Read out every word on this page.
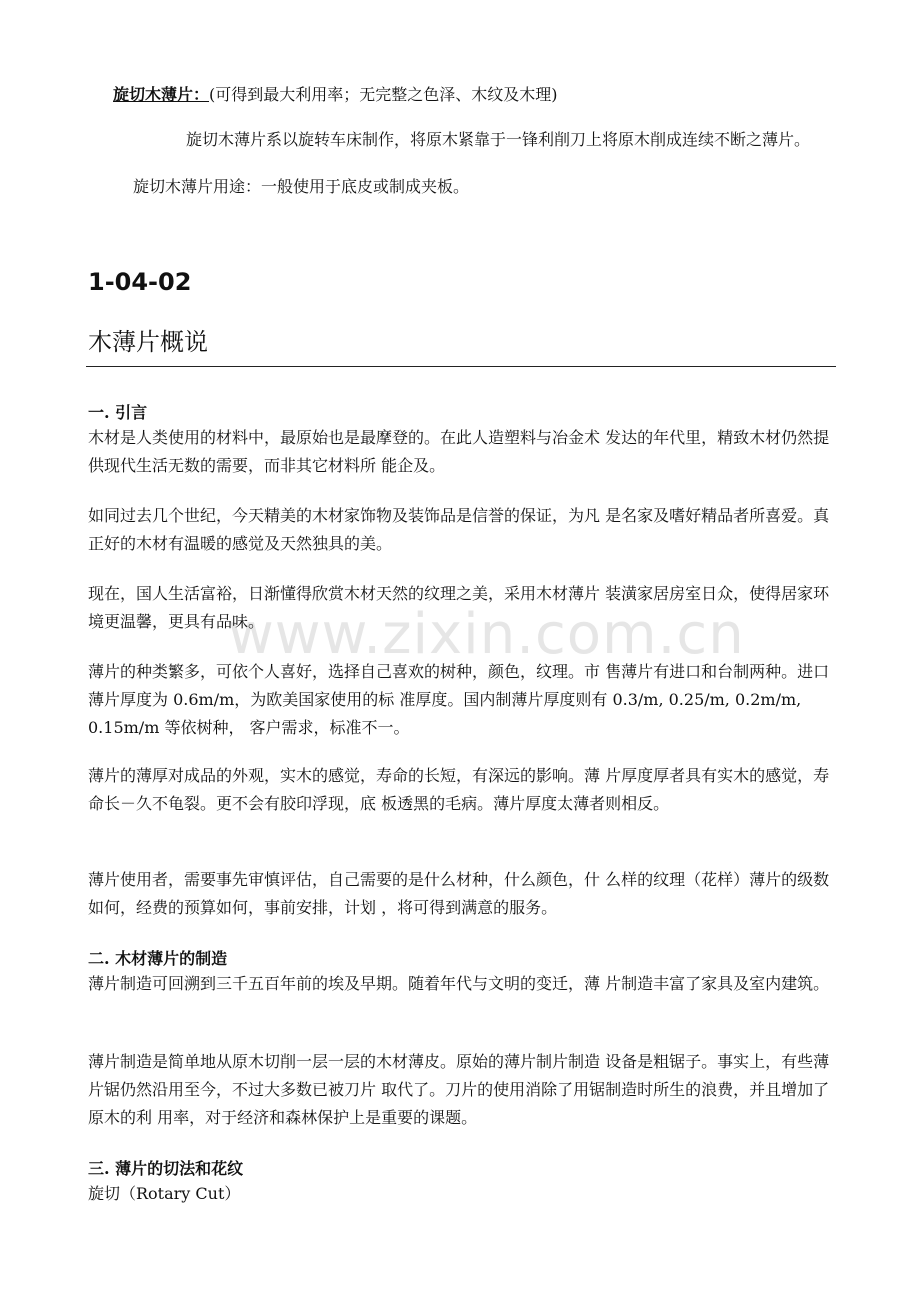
www.zixin.com.cn
旋切木薄片：(可得到最大利用率；无完整之色泽、木纹及木理)

旋切木薄片系以旋转车床制作，将原木紧靠于一锋利削刀上将原木削成连续不断之薄片。

旋切木薄片用途：一般使用于底皮或制成夹板。

1-04-02
木薄片概说

一. 引言

木材是人类使用的材料中，最原始也是最摩登的。在此人造塑料与冶金术 发达的年代里，精致木材仍然提供现代生活无数的需要，而非其它材料所 能企及。

如同过去几个世纪，今天精美的木材家饰物及装饰品是信誉的保证，为凡 是名家及嗜好精品者所喜爱。真正好的木材有温暖的感觉及天然独具的美。

现在，国人生活富裕，日渐懂得欣赏木材天然的纹理之美，采用木材薄片 装潢家居房室日众，使得居家环境更温馨，更具有品味。

薄片的种类繁多，可依个人喜好，选择自己喜欢的树种，颜色，纹理。市 售薄片有进口和台制两种。进口薄片厚度为 0.6m/m，为欧美国家使用的标 准厚度。国内制薄片厚度则有 0.3/m, 0.25/m, 0.2m/m, 0.15m/m 等依树种， 客户需求，标准不一。

薄片的薄厚对成品的外观，实木的感觉，寿命的长短，有深远的影响。薄 片厚度厚者具有实木的感觉，寿命长－久不龟裂。更不会有胶印浮现，底 板透黑的毛病。薄片厚度太薄者则相反。

薄片使用者，需要事先审慎评估，自己需要的是什么材种，什么颜色，什 么样的纹理（花样）薄片的级数如何，经费的预算如何，事前安排，计划 ，将可得到满意的服务。

二. 木材薄片的制造

薄片制造可回溯到三千五百年前的埃及早期。随着年代与文明的变迁，薄 片制造丰富了家具及室内建筑。

薄片制造是简单地从原木切削一层一层的木材薄皮。原始的薄片制片制造 设备是粗锯子。事实上，有些薄片锯仍然沿用至今，不过大多数已被刀片 取代了。刀片的使用消除了用锯制造时所生的浪费，并且增加了原木的利 用率，对于经济和森林保护上是重要的课题。

三. 薄片的切法和花纹

旋切（Rotary Cut）
